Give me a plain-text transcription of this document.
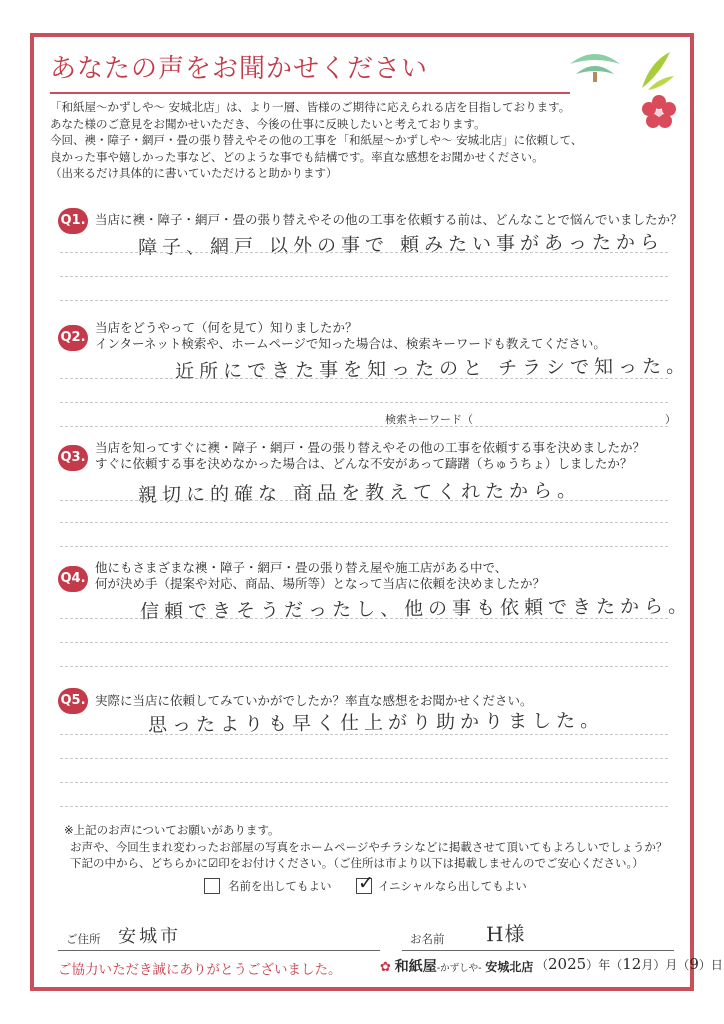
あなたの声をお聞かせください
「和紙屋〜かずしや〜 安城北店」は、より一層、皆様のご期待に応えられる店を目指しております。
あなた様のご意見をお聞かせいただき、今後の仕事に反映したいと考えております。
今回、襖・障子・網戸・畳の張り替えやその他の工事を「和紙屋〜かずしや〜 安城北店」に依頼して、
良かった事や嬉しかった事など、どのような事でも結構です。率直な感想をお聞かせください。
（出来るだけ具体的に書いていただけると助かります）
Q1. 当店に襖・障子・網戸・畳の張り替えやその他の工事を依頼する前は、どんなことで悩んでいましたか？
障子、網戸 以外の事で 頼みたい事があったから
Q2.
当店をどうやって（何を見て）知りましたか？
インターネット検索や、ホームページで知った場合は、検索キーワードも教えてください。
近所にできた事を知ったのと チラシで知った。
検索キーワード（	）
Q3.
当店を知ってすぐに襖・障子・網戸・畳の張り替えやその他の工事を依頼する事を決めましたか？
すぐに依頼する事を決めなかった場合は、どんな不安があって躊躇（ちゅうちょ）しましたか？
親切に的確な 商品を教えてくれたから。
Q4.
他にもさまざまな襖・障子・網戸・畳の張り替え屋や施工店がある中で、
何が決め手（提案や対応、商品、場所等）となって当店に依頼を決めましたか？
信頼できそうだったし、他の事も依頼できたから。
Q5. 実際に当店に依頼してみていかがでしたか？率直な感想をお聞かせください。
思ったよりも早く仕上がり助かりました。
※上記のお声についてお願いがあります。
お声や、今回生まれ変わったお部屋の写真をホームページやチラシなどに掲載させて頂いてもよろしいでしょうか？
下記の中から、どちらかに☑印をお付けください。（ご住所は市より以下は掲載しませんのでご安心ください。）
名前を出してもよい ✓ イニシャルなら出してもよい
ご住所 安城市	お名前 H様
ご協力いただき誠にありがとうございました。	✿ 和紙屋-かずしや- 安城北店 （2025）年（12月）月（9）日
